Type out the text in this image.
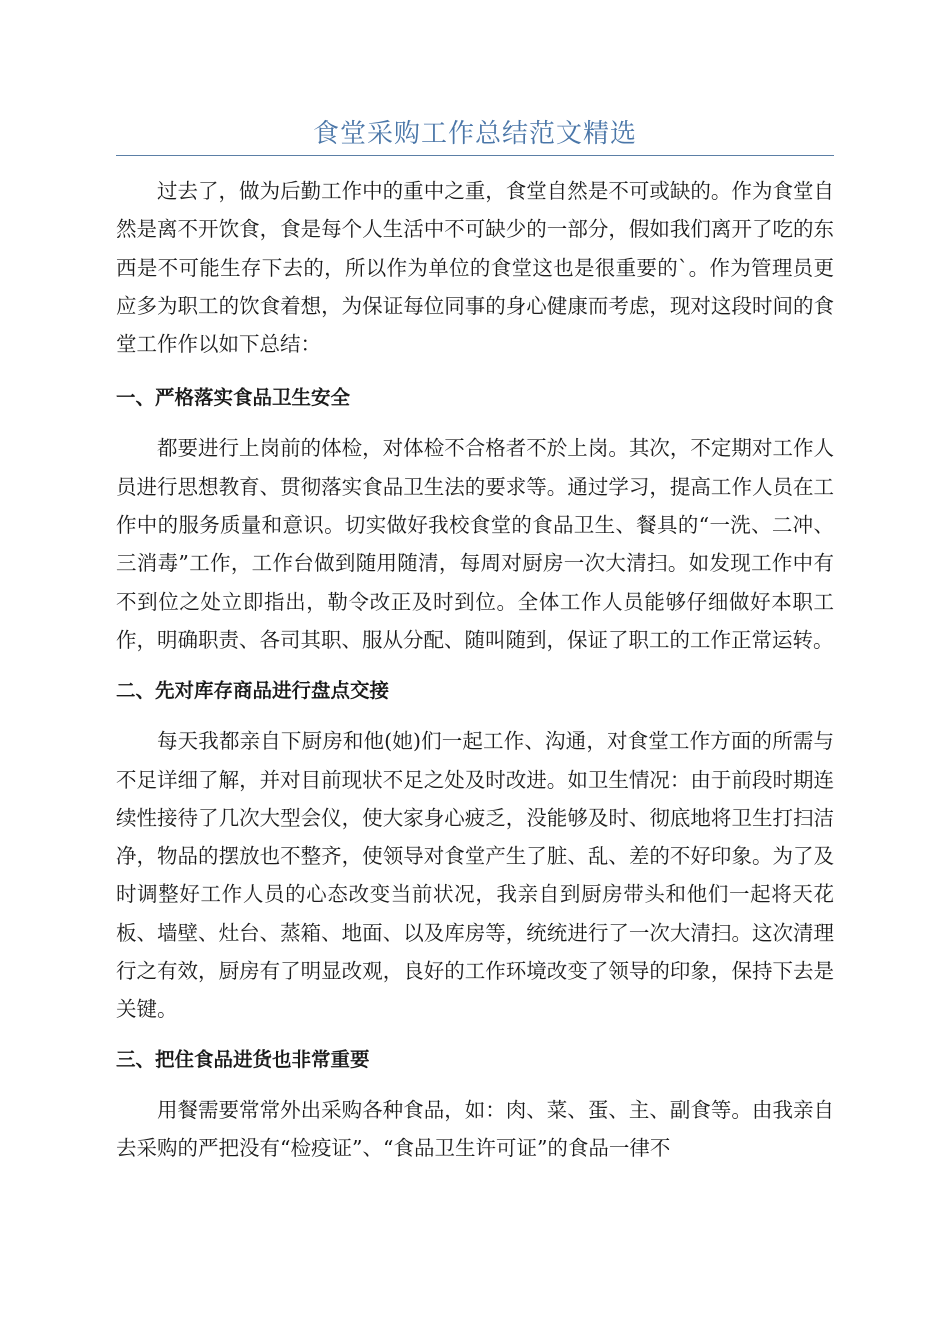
食堂采购工作总结范文精选

过去了，做为后勤工作中的重中之重，食堂自然是不可或缺的。作为食堂自然是离不开饮食，食是每个人生活中不可缺少的一部分，假如我们离开了吃的东西是不可能生存下去的，所以作为单位的食堂这也是很重要的`。作为管理员更应多为职工的饮食着想，为保证每位同事的身心健康而考虑，现对这段时间的食堂工作作以如下总结：

一、严格落实食品卫生安全

都要进行上岗前的体检，对体检不合格者不於上岗。其次，不定期对工作人员进行思想教育、贯彻落实食品卫生法的要求等。通过学习，提高工作人员在工作中的服务质量和意识。切实做好我校食堂的食品卫生、餐具的“一洗、二冲、三消毒”工作，工作台做到随用随清，每周对厨房一次大清扫。如发现工作中有不到位之处立即指出，勒令改正及时到位。全体工作人员能够仔细做好本职工作，明确职责、各司其职、服从分配、随叫随到，保证了职工的工作正常运转。

二、先对库存商品进行盘点交接

每天我都亲自下厨房和他(她)们一起工作、沟通，对食堂工作方面的所需与不足详细了解，并对目前现状不足之处及时改进。如卫生情况：由于前段时期连续性接待了几次大型会仪，使大家身心疲乏，没能够及时、彻底地将卫生打扫洁净，物品的摆放也不整齐，使领导对食堂产生了脏、乱、差的不好印象。为了及时调整好工作人员的心态改变当前状况，我亲自到厨房带头和他们一起将天花板、墙壁、灶台、蒸箱、地面、以及库房等，统统进行了一次大清扫。这次清理行之有效，厨房有了明显改观，良好的工作环境改变了领导的印象，保持下去是关键。

三、把住食品进货也非常重要

用餐需要常常外出采购各种食品，如：肉、菜、蛋、主、副食等。由我亲自去采购的严把没有“检疫证”、“食品卫生许可证”的食品一律不
